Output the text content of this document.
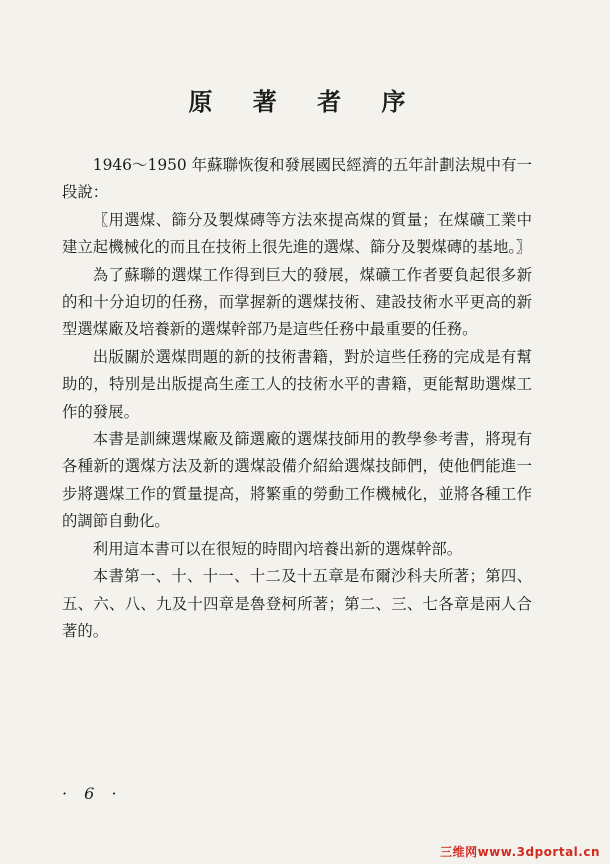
原 著 者 序

1946～1950 年蘇聯恢復和發展國民經濟的五年計劃法規中有一段說：

〖用選煤、篩分及製煤磚等方法來提高煤的質量；在煤礦工業中建立起機械化的而且在技術上很先進的選煤、篩分及製煤磚的基地。〗

為了蘇聯的選煤工作得到巨大的發展，煤礦工作者要負起很多新的和十分迫切的任務，而掌握新的選煤技術、建設技術水平更高的新型選煤廠及培養新的選煤幹部乃是這些任務中最重要的任務。

出版關於選煤問題的新的技術書籍，對於這些任務的完成是有幫助的，特別是出版提高生產工人的技術水平的書籍，更能幫助選煤工作的發展。

本書是訓練選煤廠及篩選廠的選煤技師用的教學參考書，將現有各種新的選煤方法及新的選煤設備介紹給選煤技師們，使他們能進一步將選煤工作的質量提高，將繁重的勞動工作機械化，並將各種工作的調節自動化。

利用這本書可以在很短的時間內培養出新的選煤幹部。

本書第一、十、十一、十二及十五章是布爾沙科夫所著；第四、五、六、八、九及十四章是魯登柯所著；第二、三、七各章是兩人合著的。

· 6 ·
三维网www.3dportal.cn
